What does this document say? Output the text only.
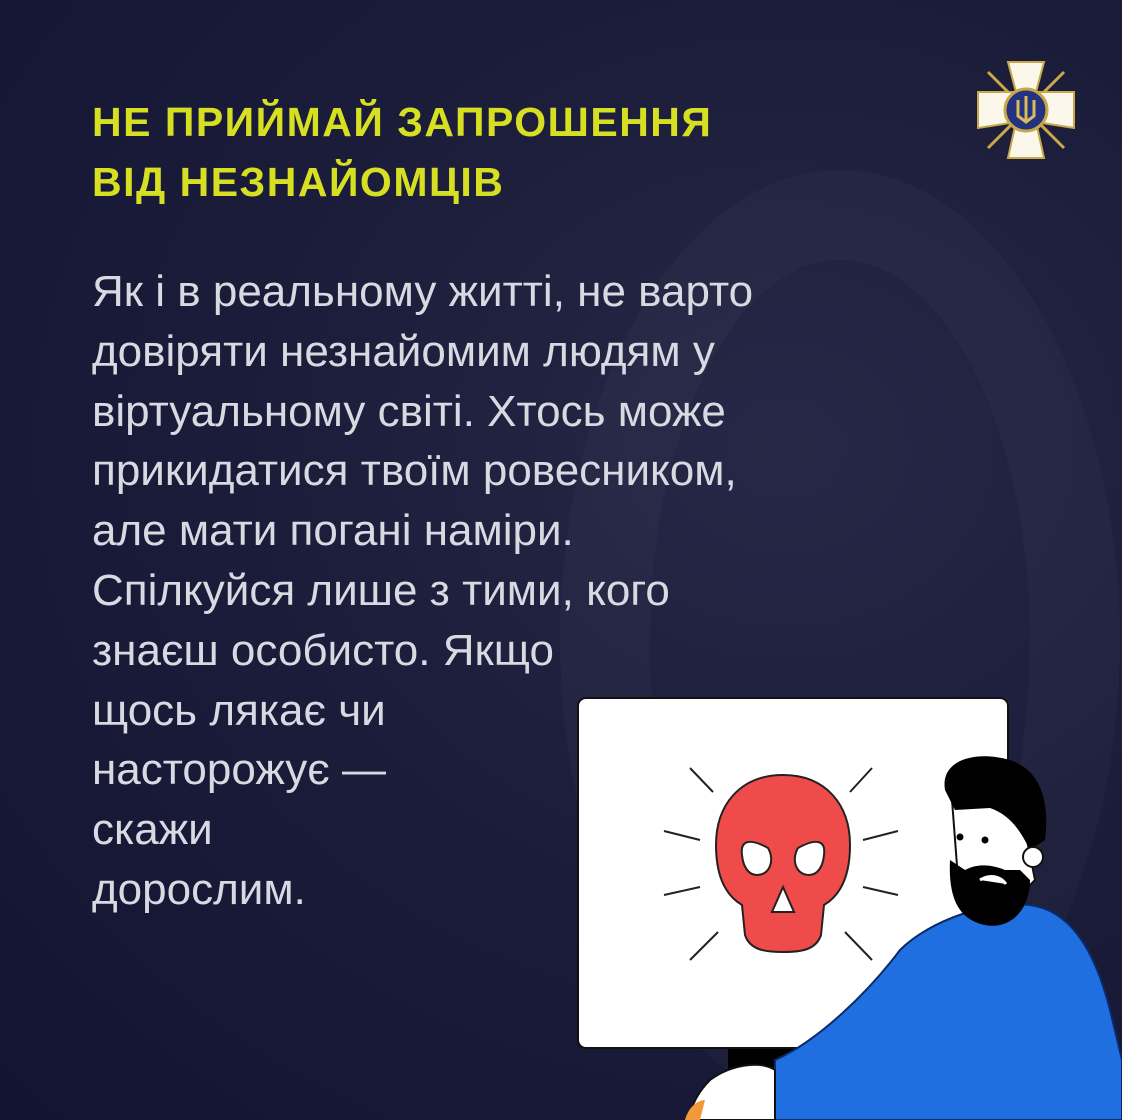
НЕ ПРИЙМАЙ ЗАПРОШЕННЯ
ВІД НЕЗНАЙОМЦІВ
Як і в реальному житті, не варто
довіряти незнайомим людям у
віртуальному світі. Хтось може
прикидатися твоїм ровесником,
але мати погані наміри.
Спілкуйся лише з тими, кого
знаєш особисто. Якщо
щось лякає чи
насторожує —
скажи
дорослим.
